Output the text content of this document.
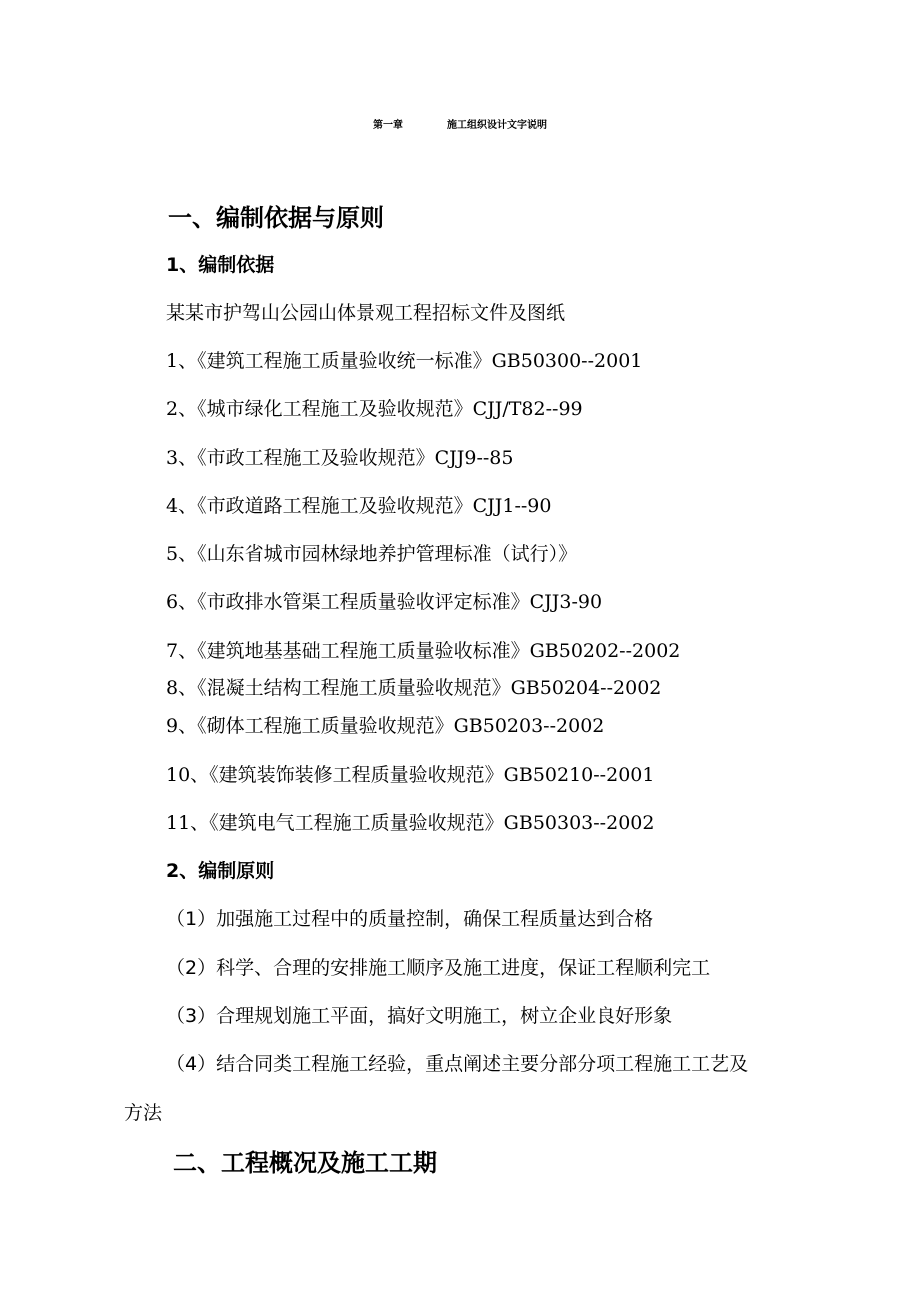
第一章	施工组织设计文字说明
一、编制依据与原则
1、编制依据
某某市护驾山公园山体景观工程招标文件及图纸
1、《建筑工程施工质量验收统一标准》GB50300--2001
2、《城市绿化工程施工及验收规范》CJJ/T82--99
3、《市政工程施工及验收规范》CJJ9--85
4、《市政道路工程施工及验收规范》CJJ1--90
5、《山东省城市园林绿地养护管理标准（试行）》
6、《市政排水管渠工程质量验收评定标准》CJJ3-90
7、《建筑地基基础工程施工质量验收标准》GB50202--2002
8、《混凝土结构工程施工质量验收规范》GB50204--2002
9、《砌体工程施工质量验收规范》GB50203--2002
10、《建筑装饰装修工程质量验收规范》GB50210--2001
11、《建筑电气工程施工质量验收规范》GB50303--2002
2、编制原则
（1）加强施工过程中的质量控制，确保工程质量达到合格
（2）科学、合理的安排施工顺序及施工进度，保证工程顺利完工
（3）合理规划施工平面，搞好文明施工，树立企业良好形象
（4）结合同类工程施工经验，重点阐述主要分部分项工程施工工艺及
方法
二、工程概况及施工工期
